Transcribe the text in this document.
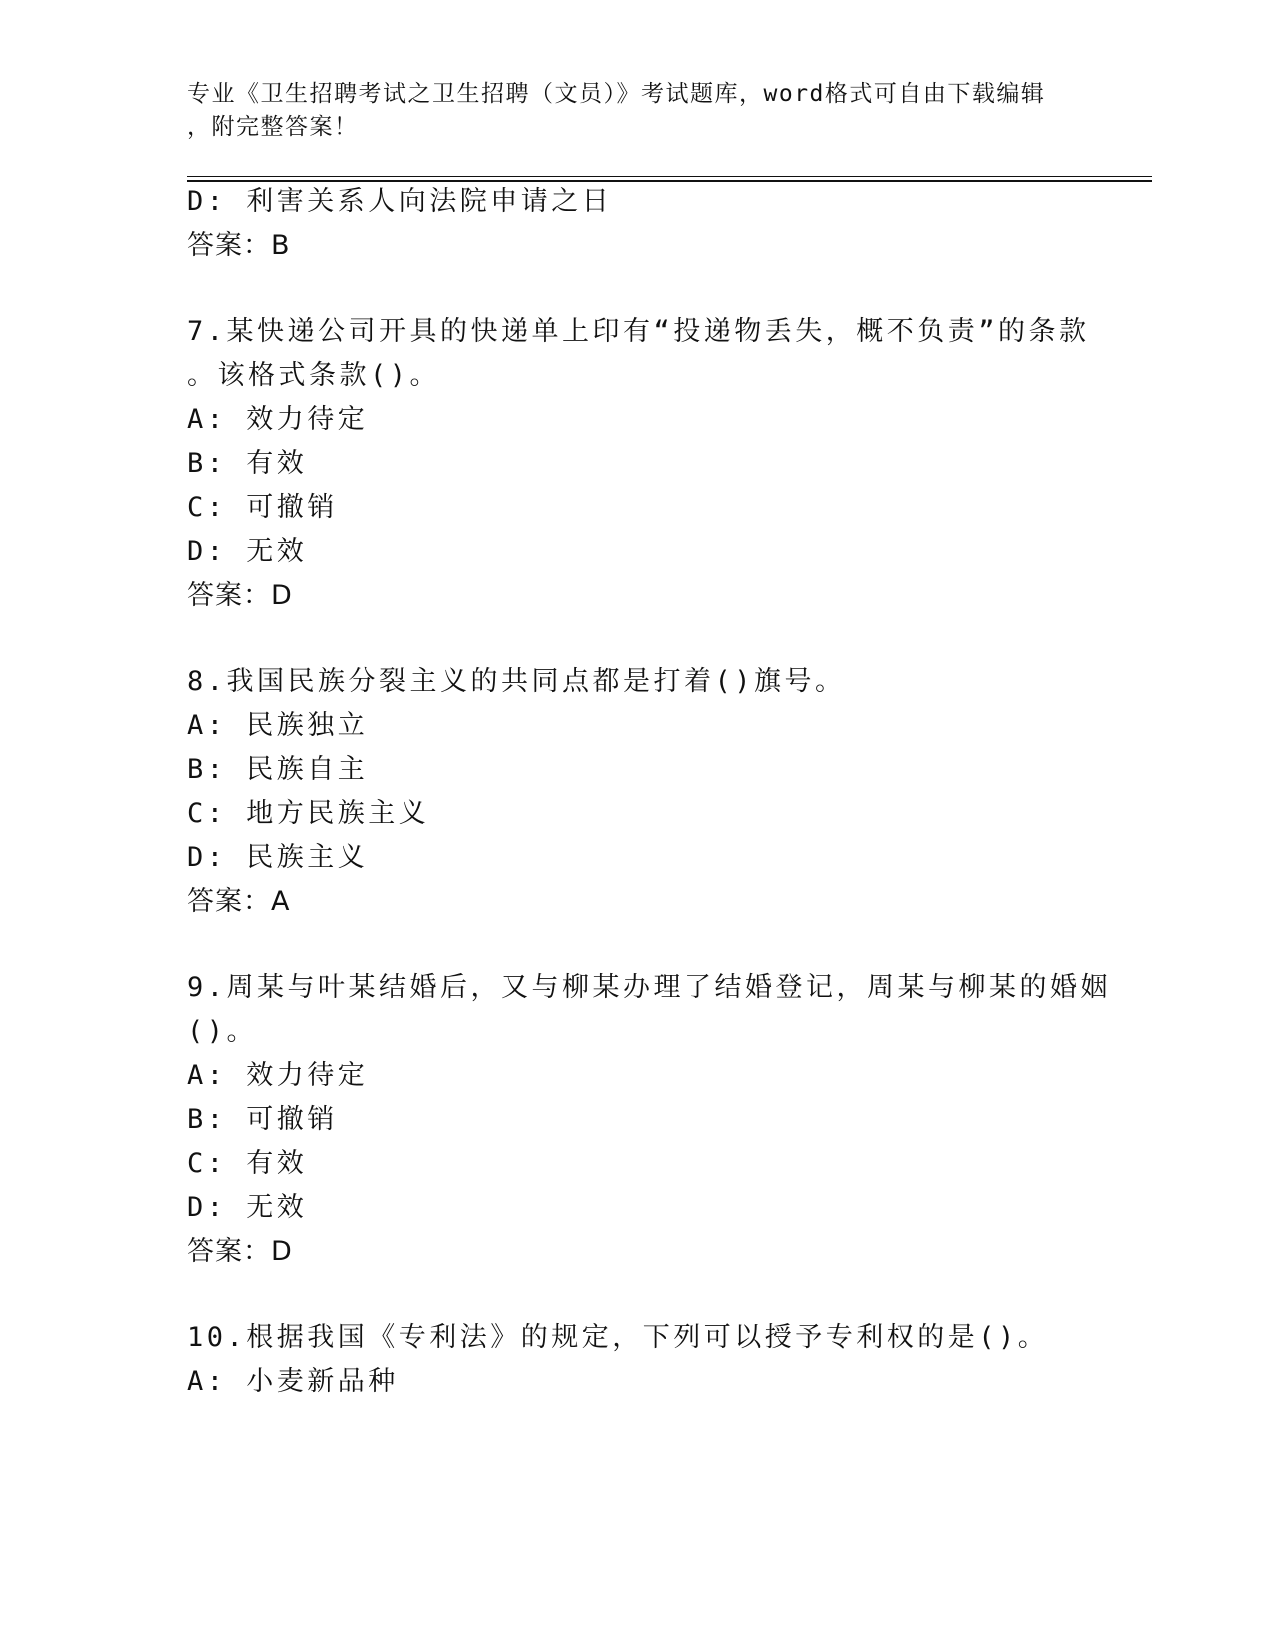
专业《卫生招聘考试之卫生招聘（文员）》考试题库，word格式可自由下载编辑
，附完整答案！
D: 利害关系人向法院申请之日
答案：B
7.某快递公司开具的快递单上印有“投递物丢失，概不负责”的条款
。该格式条款()。
A: 效力待定
B: 有效
C: 可撤销
D: 无效
答案：D
8.我国民族分裂主义的共同点都是打着()旗号。
A: 民族独立
B: 民族自主
C: 地方民族主义
D: 民族主义
答案：A
9.周某与叶某结婚后，又与柳某办理了结婚登记，周某与柳某的婚姻
()。
A: 效力待定
B: 可撤销
C: 有效
D: 无效
答案：D
10.根据我国《专利法》的规定，下列可以授予专利权的是()。
A: 小麦新品种
